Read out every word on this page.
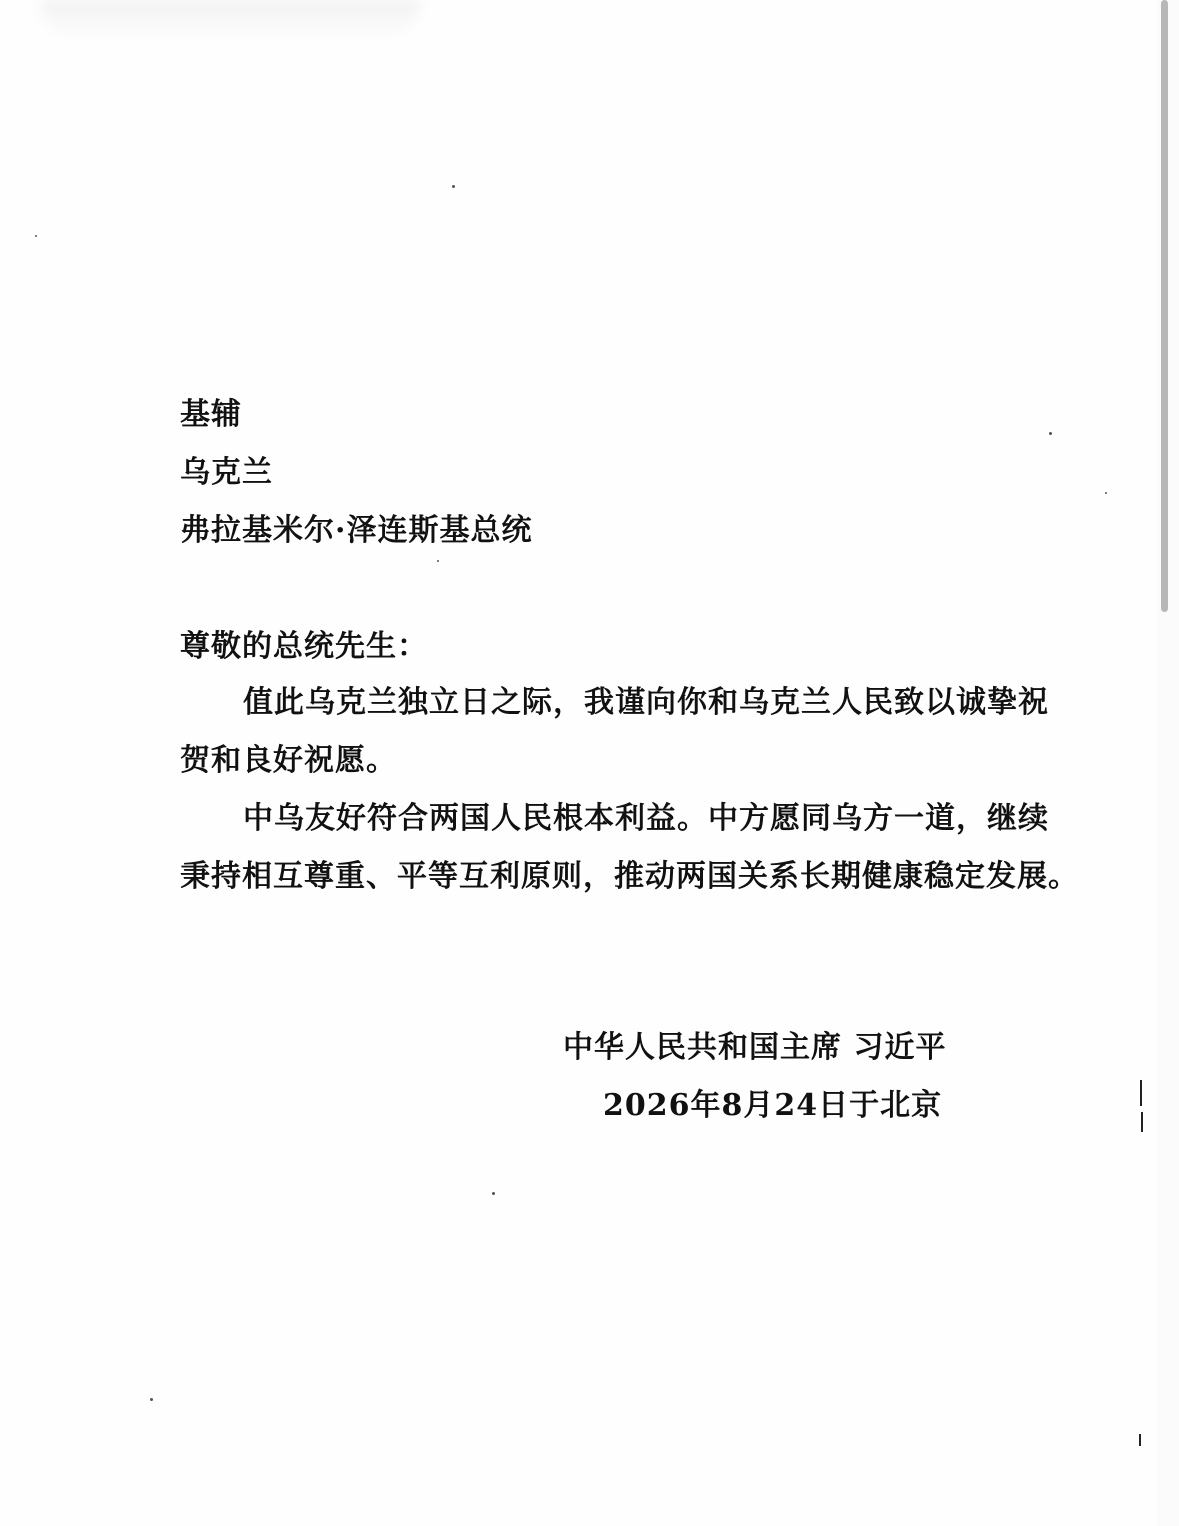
基辅
乌克兰
弗拉基米尔·泽连斯基总统
尊敬的总统先生：
值此乌克兰独立日之际，我谨向你和乌克兰人民致以诚挚祝
贺和良好祝愿。
中乌友好符合两国人民根本利益。中方愿同乌方一道，继续
秉持相互尊重、平等互利原则，推动两国关系长期健康稳定发展。
中华人民共和国主席 习近平
2026年8月24日于北京
